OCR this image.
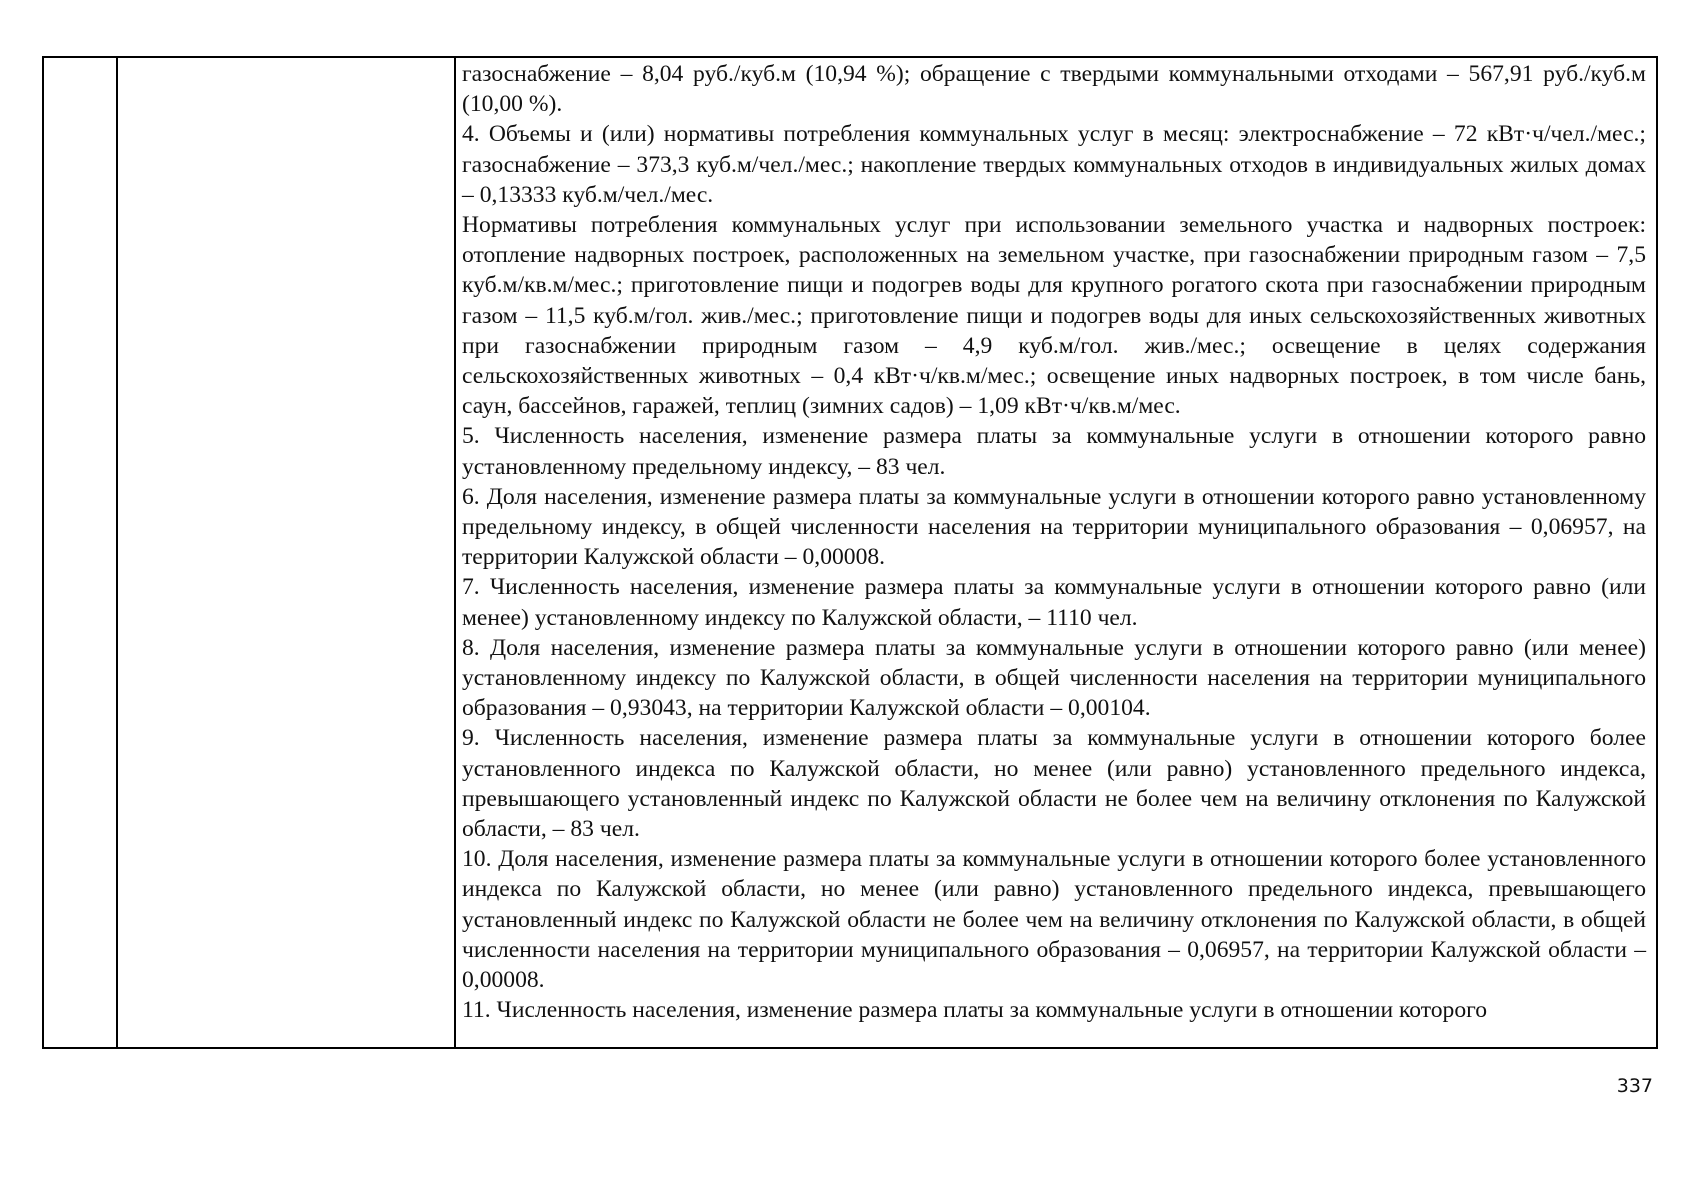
газоснабжение – 8,04 руб./куб.м (10,94 %); обращение с твердыми коммунальными отходами – 567,91 руб./куб.м (10,00 %).

4. Объемы и (или) нормативы потребления коммунальных услуг в месяц: электроснабжение – 72 кВт·ч/чел./мес.; газоснабжение – 373,3 куб.м/чел./мес.; накопление твердых коммунальных отходов в индивидуальных жилых домах – 0,13333 куб.м/чел./мес.

Нормативы потребления коммунальных услуг при использовании земельного участка и надворных построек: отопление надворных построек, расположенных на земельном участке, при газоснабжении природным газом – 7,5 куб.м/кв.м/мес.; приготовление пищи и подогрев воды для крупного рогатого скота при газоснабжении природным газом – 11,5 куб.м/гол. жив./мес.; приготовление пищи и подогрев воды для иных сельскохозяйственных животных при газоснабжении природным газом – 4,9 куб.м/гол. жив./мес.; освещение в целях содержания сельскохозяйственных животных – 0,4 кВт·ч/кв.м/мес.; освещение иных надворных построек, в том числе бань, саун, бассейнов, гаражей, теплиц (зимних садов) – 1,09 кВт·ч/кв.м/мес.

5. Численность населения, изменение размера платы за коммунальные услуги в отношении которого равно установленному предельному индексу, – 83 чел.

6. Доля населения, изменение размера платы за коммунальные услуги в отношении которого равно установленному предельному индексу, в общей численности населения на территории муниципального образования – 0,06957, на территории Калужской области – 0,00008.

7. Численность населения, изменение размера платы за коммунальные услуги в отношении которого равно (или менее) установленному индексу по Калужской области, – 1110 чел.

8. Доля населения, изменение размера платы за коммунальные услуги в отношении которого равно (или менее) установленному индексу по Калужской области, в общей численности населения на территории муниципального образования – 0,93043, на территории Калужской области – 0,00104.

9. Численность населения, изменение размера платы за коммунальные услуги в отношении которого более установленного индекса по Калужской области, но менее (или равно) установленного предельного индекса, превышающего установленный индекс по Калужской области не более чем на величину отклонения по Калужской области, – 83 чел.

10. Доля населения, изменение размера платы за коммунальные услуги в отношении которого более установленного индекса по Калужской области, но менее (или равно) установленного предельного индекса, превышающего установленный индекс по Калужской области не более чем на величину отклонения по Калужской области, в общей численности населения на территории муниципального образования – 0,06957, на территории Калужской области – 0,00008.

11. Численность населения, изменение размера платы за коммунальные услуги в отношении которого

337
